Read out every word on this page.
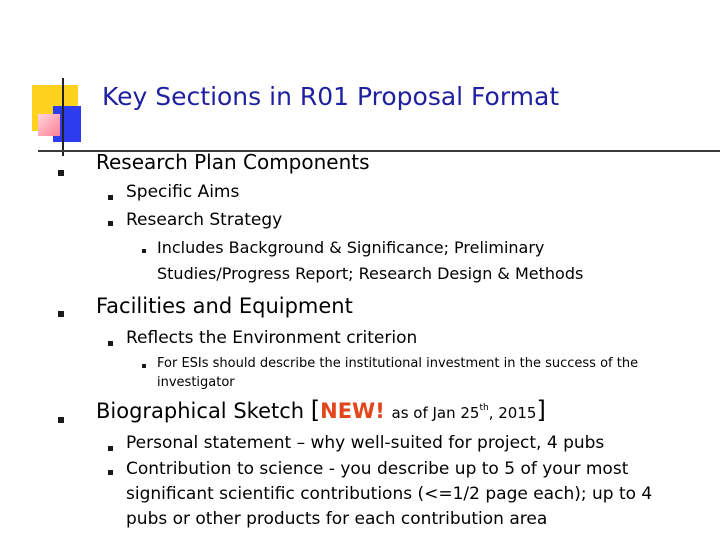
Key Sections in R01 Proposal Format
Research Plan Components
Specific Aims
Research Strategy
Includes Background & Significance; Preliminary
Studies/Progress Report; Research Design & Methods
Facilities and Equipment
Reflects the Environment criterion
For ESIs should describe the institutional investment in the success of the
investigator
Biographical Sketch [NEW! as of Jan 25th, 2015]
Personal statement – why well-suited for project, 4 pubs
Contribution to science - you describe up to 5 of your most
significant scientific contributions (<=1/2 page each); up to 4
pubs or other products for each contribution area
